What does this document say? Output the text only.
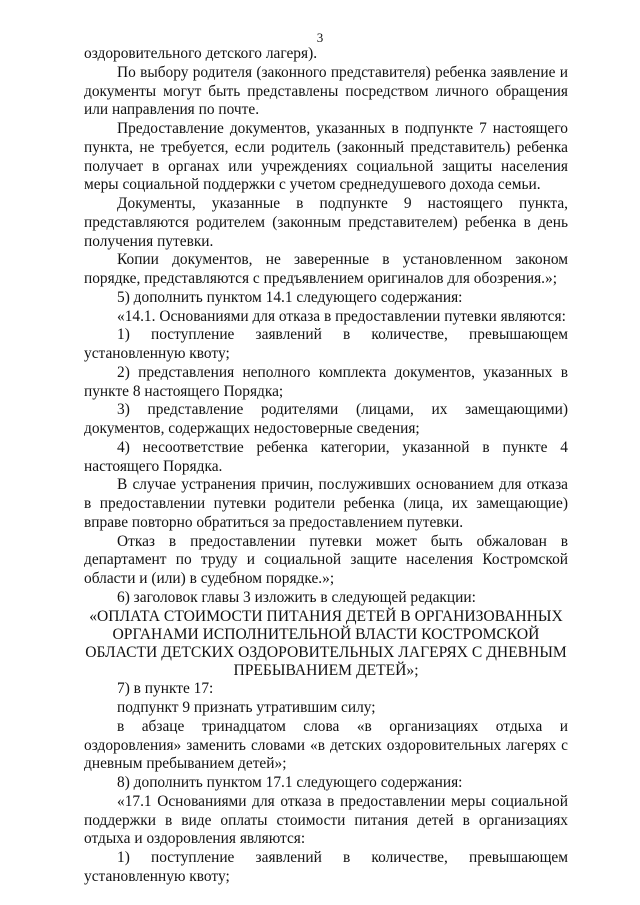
3

оздоровительного детского лагеря).

По выбору родителя (законного представителя) ребенка заявление и документы могут быть представлены посредством личного обращения или направления по почте.

Предоставление документов, указанных в подпункте 7 настоящего пункта, не требуется, если родитель (законный представитель) ребенка получает в органах или учреждениях социальной защиты населения меры социальной поддержки с учетом среднедушевого дохода семьи.

Документы, указанные в подпункте 9 настоящего пункта, представляются родителем (законным представителем) ребенка в день получения путевки.

Копии документов, не заверенные в установленном законом порядке, представляются с предъявлением оригиналов для обозрения.»;

5) дополнить пунктом 14.1 следующего содержания:

«14.1. Основаниями для отказа в предоставлении путевки являются:

1) поступление заявлений в количестве, превышающем установленную квоту;

2) представления неполного комплекта документов, указанных в пункте 8 настоящего Порядка;

3) представление родителями (лицами, их замещающими) документов, содержащих недостоверные сведения;

4) несоответствие ребенка категории, указанной в пункте 4 настоящего Порядка.

В случае устранения причин, послуживших основанием для отказа в предоставлении путевки родители ребенка (лица, их замещающие) вправе повторно обратиться за предоставлением путевки.

Отказ в предоставлении путевки может быть обжалован в департамент по труду и социальной защите населения Костромской области и (или) в судебном порядке.»;

6) заголовок главы 3 изложить в следующей редакции:

«ОПЛАТА СТОИМОСТИ ПИТАНИЯ ДЕТЕЙ В ОРГАНИЗОВАННЫХ ОРГАНАМИ ИСПОЛНИТЕЛЬНОЙ ВЛАСТИ КОСТРОМСКОЙ ОБЛАСТИ ДЕТСКИХ ОЗДОРОВИТЕЛЬНЫХ ЛАГЕРЯХ С ДНЕВНЫМ ПРЕБЫВАНИЕМ ДЕТЕЙ»;

7) в пункте 17:

подпункт 9 признать утратившим силу;

в абзаце тринадцатом слова «в организациях отдыха и оздоровления» заменить словами «в детских оздоровительных лагерях с дневным пребыванием детей»;

8) дополнить пунктом 17.1 следующего содержания:

«17.1 Основаниями для отказа в предоставлении меры социальной поддержки в виде оплаты стоимости питания детей в организациях отдыха и оздоровления являются:

1) поступление заявлений в количестве, превышающем установленную квоту;
